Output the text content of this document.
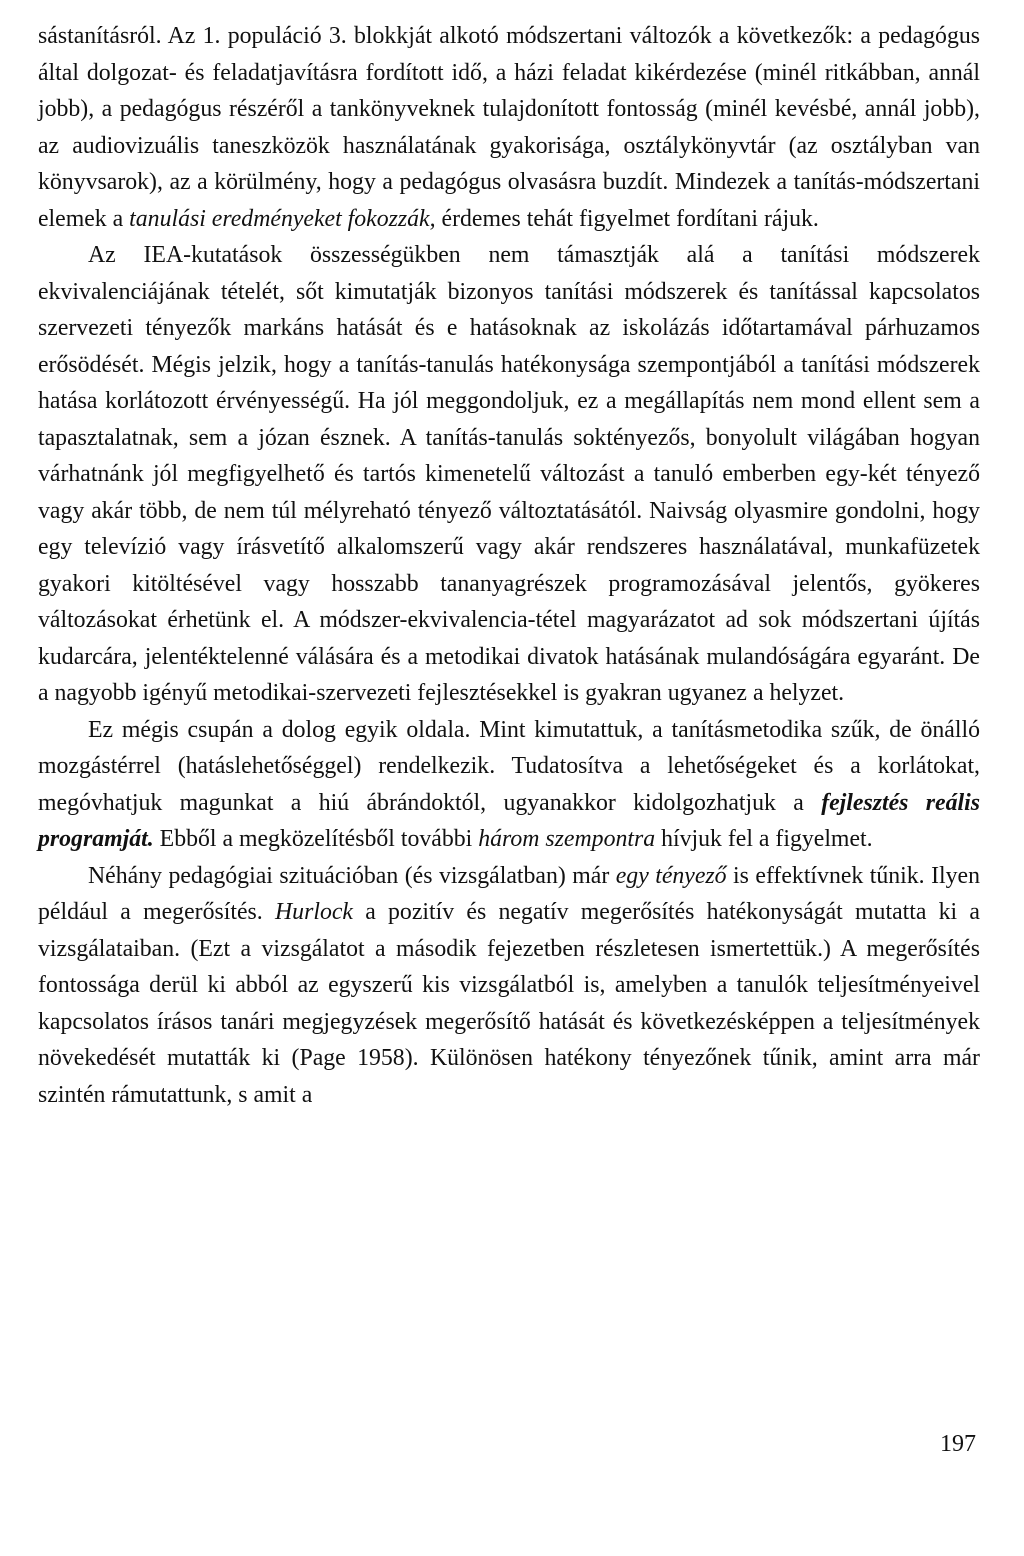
sástanításról. Az 1. populáció 3. blokkját alkotó módszertani változók a következők: a pedagógus által dolgozat- és feladatjavításra fordított idő, a házi feladat kikérdezése (minél ritkábban, annál jobb), a pedagógus részéről a tankönyveknek tulajdonított fontosság (minél kevésbé, annál jobb), az audiovizuális taneszközök használatának gyakorisága, osztálykönyvtár (az osztályban van könyvsarok), az a körülmény, hogy a pedagógus olvasásra buzdít. Mindezek a tanítás-módszertani elemek a tanulási eredményeket fokozzák, érdemes tehát figyelmet fordítani rájuk.

Az IEA-kutatások összességükben nem támasztják alá a tanítási módszerek ekvivalenciájának tételét, sőt kimutatják bizonyos tanítási módszerek és tanítással kapcsolatos szervezeti tényezők markáns hatását és e hatásoknak az iskolázás időtartamával párhuzamos erősödését. Mégis jelzik, hogy a tanítás-tanulás hatékonysága szempontjából a tanítási módszerek hatása korlátozott érvényességű. Ha jól meggondoljuk, ez a megállapítás nem mond ellent sem a tapasztalatnak, sem a józan észnek. A tanítás-tanulás soktényezős, bonyolult világában hogyan várhatnánk jól megfigyelhető és tartós kimenetelű változást a tanuló emberben egy-két tényező vagy akár több, de nem túl mélyreható tényező változtatásától. Naivság olyasmire gondolni, hogy egy televízió vagy írásvetítő alkalomszerű vagy akár rendszeres használatával, munkafüzetek gyakori kitöltésével vagy hosszabb tananyagrészek programozásával jelentős, gyökeres változásokat érhetünk el. A módszer-ekvivalencia-tétel magyarázatot ad sok módszertani újítás kudarcára, jelentéktelenné válására és a metodikai divatok hatásának mulandóságára egyaránt. De a nagyobb igényű metodikai-szervezeti fejlesztésekkel is gyakran ugyanez a helyzet.

Ez mégis csupán a dolog egyik oldala. Mint kimutattuk, a tanításmetodika szűk, de önálló mozgástérrel (hatáslehetőséggel) rendelkezik. Tudatosítva a lehetőségeket és a korlátokat, megóvhatjuk magunkat a hiú ábrándoktól, ugyanakkor kidolgozhatjuk a fejlesztés reális programját. Ebből a megközelítésből további három szempontra hívjuk fel a figyelmet.

Néhány pedagógiai szituációban (és vizsgálatban) már egy tényező is effektívnek tűnik. Ilyen például a megerősítés. Hurlock a pozitív és negatív megerősítés hatékonyságát mutatta ki a vizsgálataiban. (Ezt a vizsgálatot a második fejezetben részletesen ismertettük.) A megerősítés fontossága derül ki abból az egyszerű kis vizsgálatból is, amelyben a tanulók teljesítményeivel kapcsolatos írásos tanári megjegyzések megerősítő hatását és következésképpen a teljesítmények növekedését mutatták ki (Page 1958). Különösen hatékony tényezőnek tűnik, amint arra már szintén rámutattunk, s amit a

197
